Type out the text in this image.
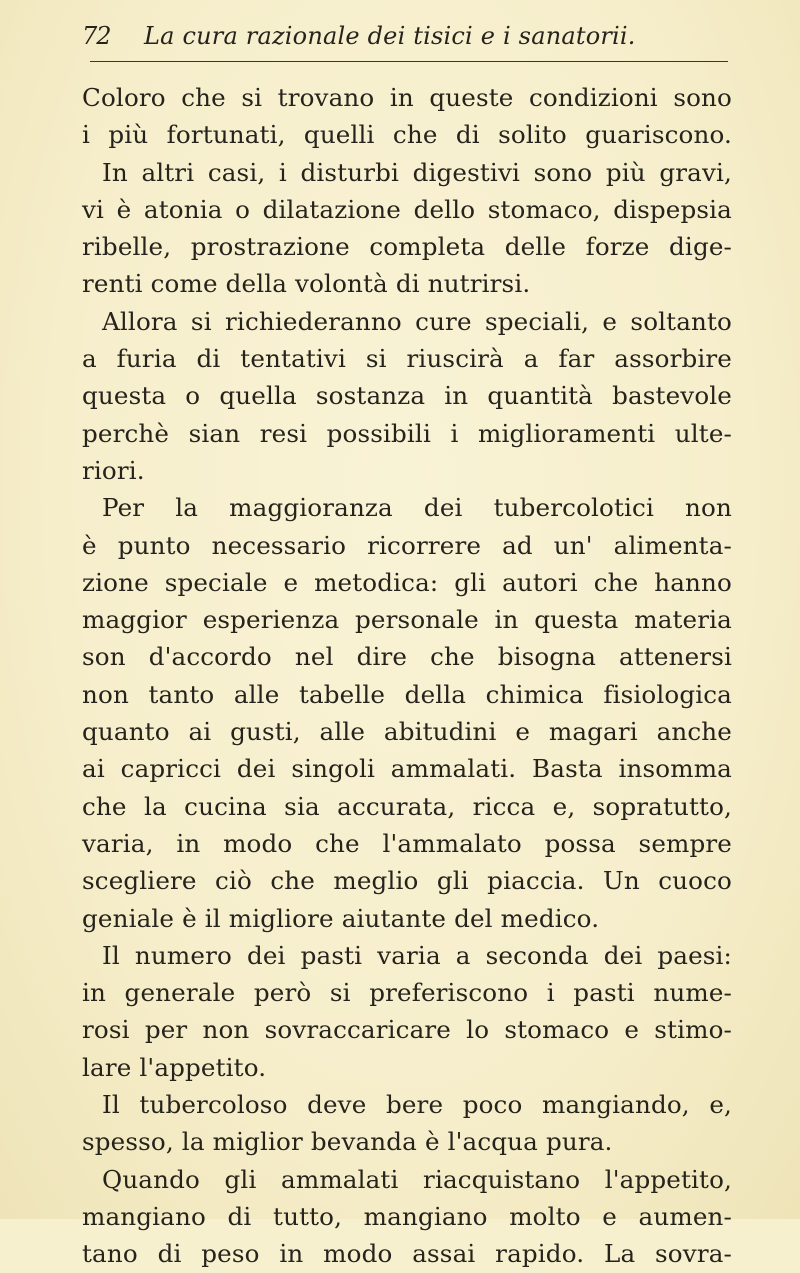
72 La cura razionale dei tisici e i sanatorii.
Coloro che si trovano in queste condizioni sono
i più fortunati, quelli che di solito guariscono.
In altri casi, i disturbi digestivi sono più gravi,
vi è atonia o dilatazione dello stomaco, dispepsia
ribelle, prostrazione completa delle forze dige-
renti come della volontà di nutrirsi.
Allora si richiederanno cure speciali, e soltanto
a furia di tentativi si riuscirà a far assorbire
questa o quella sostanza in quantità bastevole
perchè sian resi possibili i miglioramenti ulte-
riori.
Per la maggioranza dei tubercolotici non
è punto necessario ricorrere ad un' alimenta-
zione speciale e metodica: gli autori che hanno
maggior esperienza personale in questa materia
son d'accordo nel dire che bisogna attenersi
non tanto alle tabelle della chimica fisiologica
quanto ai gusti, alle abitudini e magari anche
ai capricci dei singoli ammalati. Basta insomma
che la cucina sia accurata, ricca e, sopratutto,
varia, in modo che l'ammalato possa sempre
scegliere ciò che meglio gli piaccia. Un cuoco
geniale è il migliore aiutante del medico.
Il numero dei pasti varia a seconda dei paesi:
in generale però si preferiscono i pasti nume-
rosi per non sovraccaricare lo stomaco e stimo-
lare l'appetito.
Il tubercoloso deve bere poco mangiando, e,
spesso, la miglior bevanda è l'acqua pura.
Quando gli ammalati riacquistano l'appetito,
mangiano di tutto, mangiano molto e aumen-
tano di peso in modo assai rapido. La sovra-
